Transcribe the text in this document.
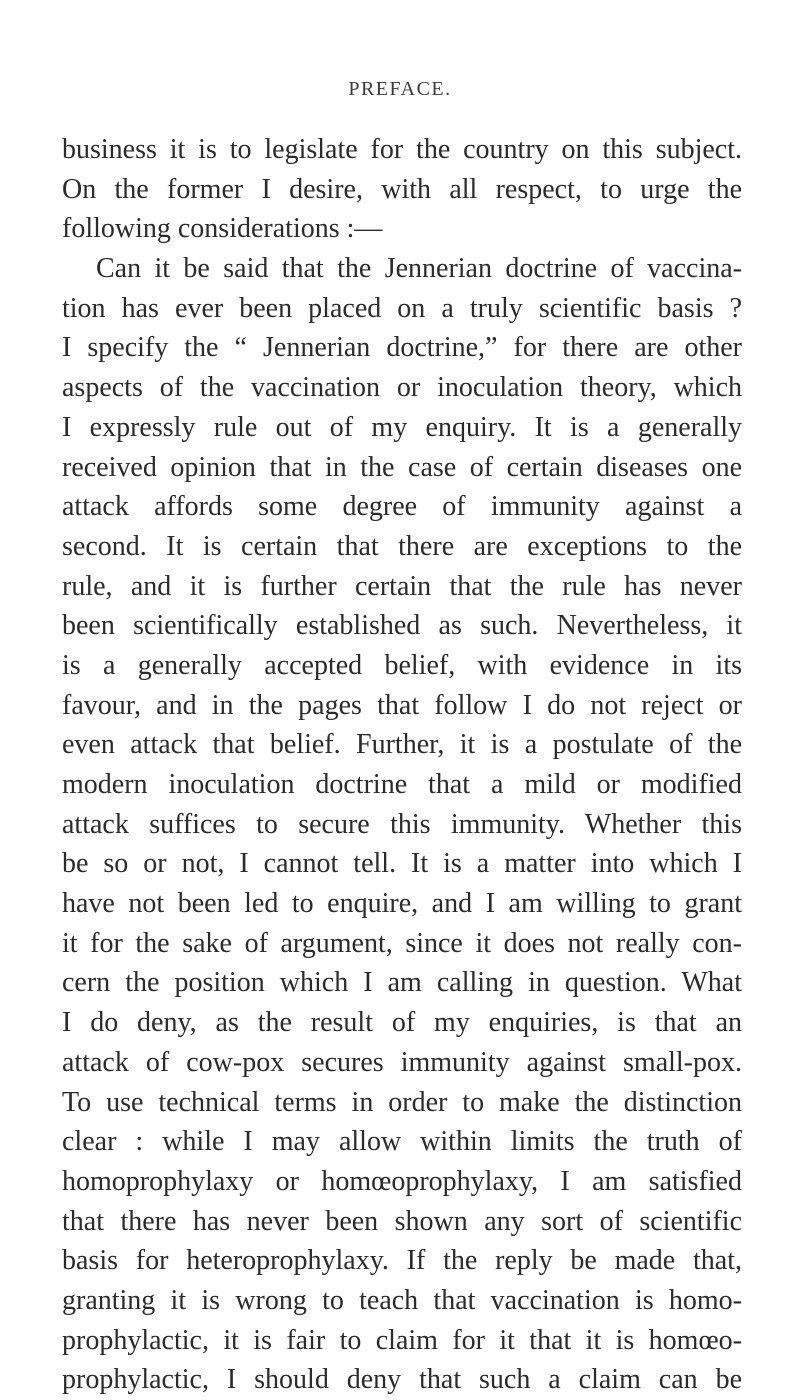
PREFACE.
business it is to legislate for the country on this subject.
On the former I desire, with all respect, to urge the
following considerations :—
Can it be said that the Jennerian doctrine of vaccina-
tion has ever been placed on a truly scientific basis ?
I specify the “ Jennerian doctrine,” for there are other
aspects of the vaccination or inoculation theory, which
I expressly rule out of my enquiry. It is a generally
received opinion that in the case of certain diseases one
attack affords some degree of immunity against a
second. It is certain that there are exceptions to the
rule, and it is further certain that the rule has never
been scientifically established as such. Nevertheless, it
is a generally accepted belief, with evidence in its
favour, and in the pages that follow I do not reject or
even attack that belief. Further, it is a postulate of the
modern inoculation doctrine that a mild or modified
attack suffices to secure this immunity. Whether this
be so or not, I cannot tell. It is a matter into which I
have not been led to enquire, and I am willing to grant
it for the sake of argument, since it does not really con-
cern the position which I am calling in question. What
I do deny, as the result of my enquiries, is that an
attack of cow-pox secures immunity against small-pox.
To use technical terms in order to make the distinction
clear : while I may allow within limits the truth of
homoprophylaxy or homœoprophylaxy, I am satisfied
that there has never been shown any sort of scientific
basis for heteroprophylaxy. If the reply be made that,
granting it is wrong to teach that vaccination is homo-
prophylactic, it is fair to claim for it that it is homœo-
prophylactic, I should deny that such a claim can be
